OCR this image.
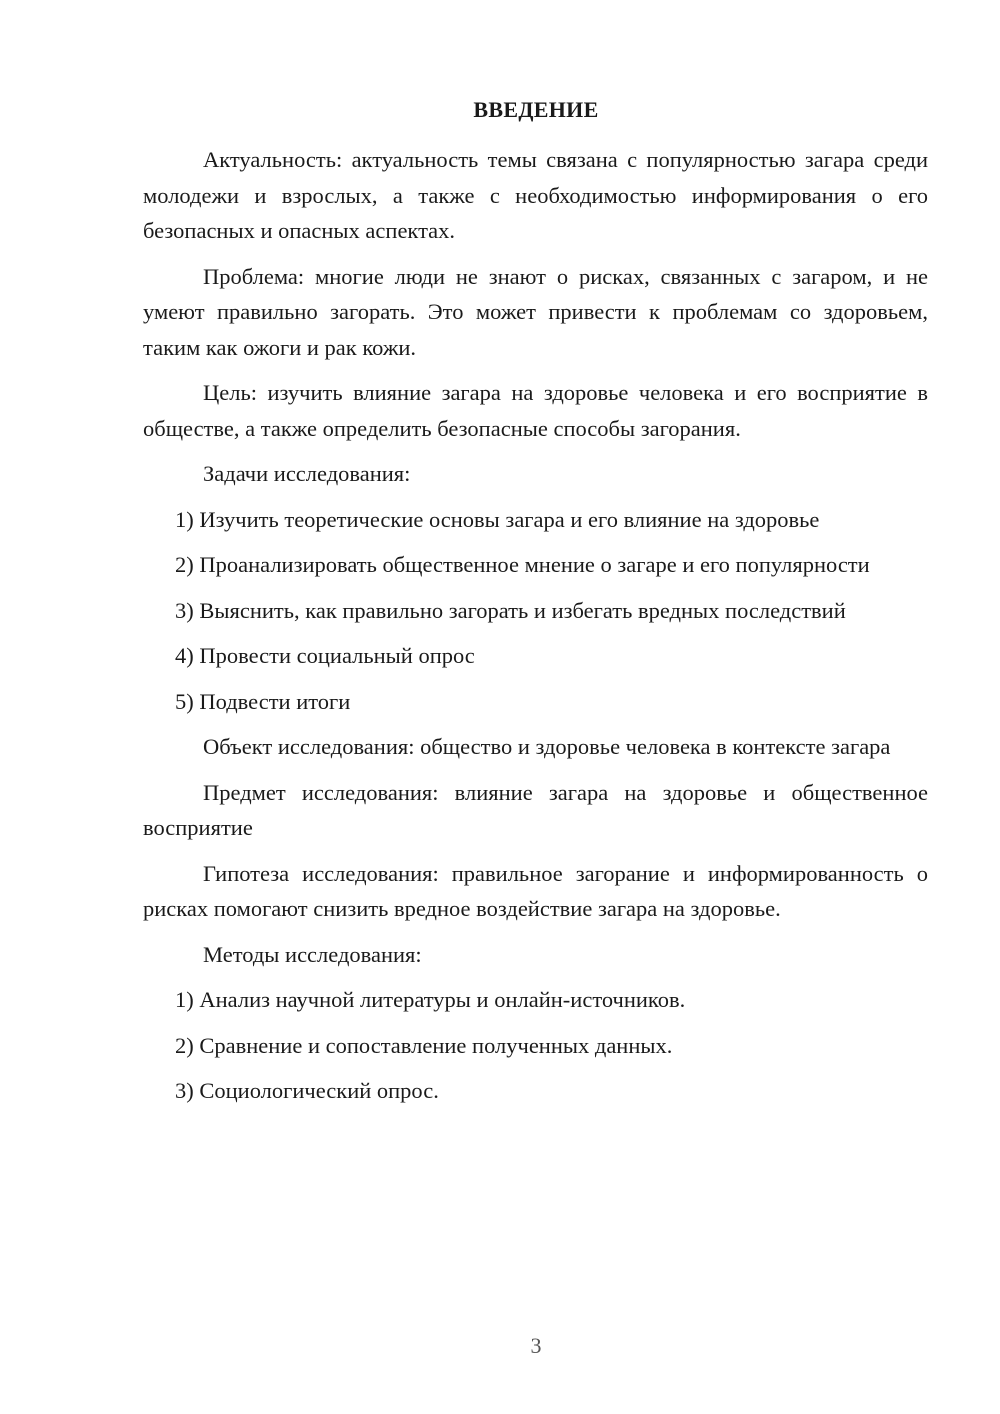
ВВЕДЕНИЕ

Актуальность: актуальность темы связана с популярностью загара среди молодежи и взрослых, а также с необходимостью информирования о его безопасных и опасных аспектах.

Проблема: многие люди не знают о рисках, связанных с загаром, и не умеют правильно загорать. Это может привести к проблемам со здоровьем, таким как ожоги и рак кожи.

Цель: изучить влияние загара на здоровье человека и его восприятие в обществе, а также определить безопасные способы загорания.

Задачи исследования:

1) Изучить теоретические основы загара и его влияние на здоровье

2) Проанализировать общественное мнение о загаре и его популярности

3) Выяснить, как правильно загорать и избегать вредных последствий

4) Провести социальный опрос

5) Подвести итоги

Объект исследования: общество и здоровье человека в контексте загара

Предмет исследования: влияние загара на здоровье и общественное восприятие

Гипотеза исследования: правильное загорание и информированность о рисках помогают снизить вредное воздействие загара на здоровье.

Методы исследования:

1) Анализ научной литературы и онлайн-источников.

2) Сравнение и сопоставление полученных данных.

3) Социологический опрос.

3
